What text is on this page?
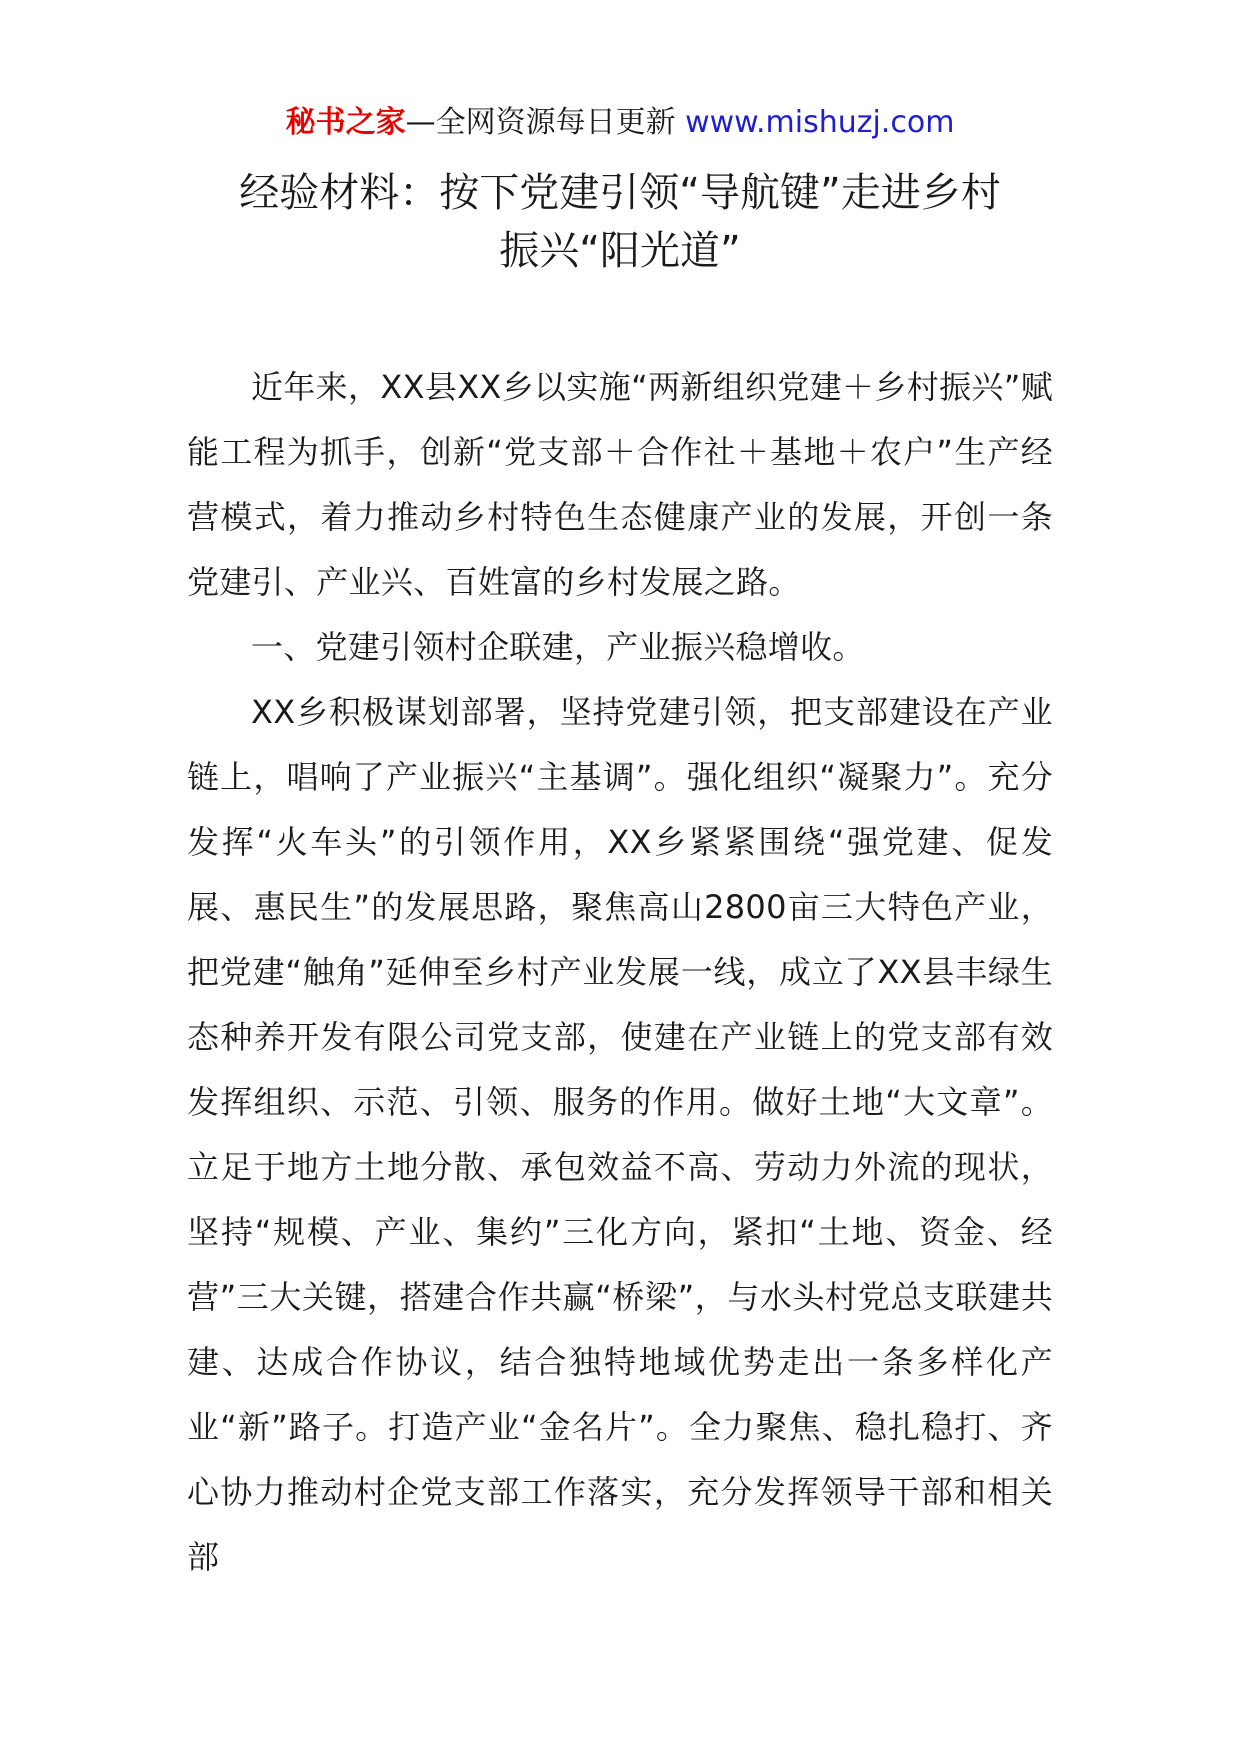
秘书之家—全网资源每日更新 www.mishuzj.com
经验材料：按下党建引领“导航键”走进乡村
振兴“阳光道”

近年来，XX县XX乡以实施“两新组织党建＋乡村振兴”赋能工程为抓手，创新“党支部＋合作社＋基地＋农户”生产经营模式，着力推动乡村特色生态健康产业的发展，开创一条党建引、产业兴、百姓富的乡村发展之路。

一、党建引领村企联建，产业振兴稳增收。

XX乡积极谋划部署，坚持党建引领，把支部建设在产业链上，唱响了产业振兴“主基调”。强化组织“凝聚力”。充分发挥“火车头”的引领作用，XX乡紧紧围绕“强党建、促发展、惠民生”的发展思路，聚焦高山2800亩三大特色产业，把党建“触角”延伸至乡村产业发展一线，成立了XX县丰绿生态种养开发有限公司党支部，使建在产业链上的党支部有效发挥组织、示范、引领、服务的作用。做好土地“大文章”。立足于地方土地分散、承包效益不高、劳动力外流的现状，坚持“规模、产业、集约”三化方向，紧扣“土地、资金、经营”三大关键，搭建合作共赢“桥梁”，与水头村党总支联建共建、达成合作协议，结合独特地域优势走出一条多样化产业“新”路子。打造产业“金名片”。全力聚焦、稳扎稳打、齐心协力推动村企党支部工作落实，充分发挥领导干部和相关部
